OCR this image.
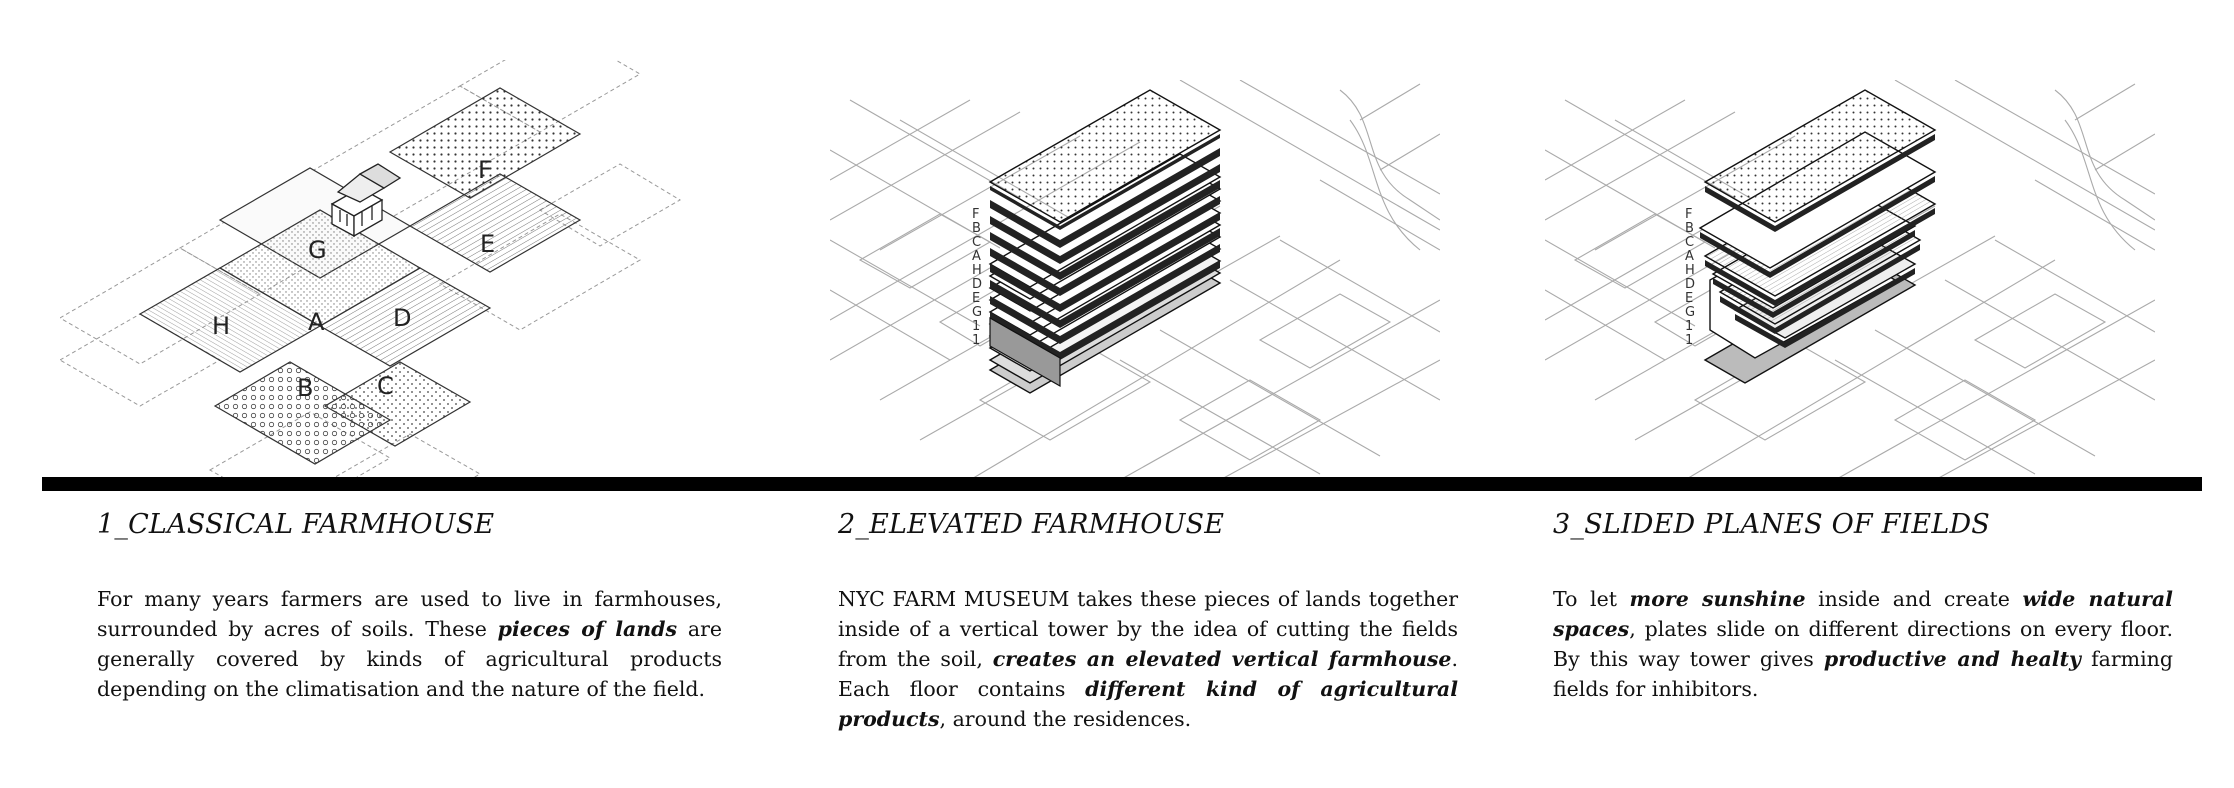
F
G	E
H	A	D
B	C
F
B
C
A
H
D
E
G
1
1
F
B
C
A
H
D
E
G
1
1
1_CLASSICAL FARMHOUSE

For many years farmers are used to live in farmhouses, surrounded by acres of soils. These pieces of lands are generally covered by kinds of agricultural products depending on the climatisation and the nature of the field.

2_ELEVATED FARMHOUSE

NYC FARM MUSEUM takes these pieces of lands together inside of a vertical tower by the idea of cutting the fields from the soil, creates an elevated vertical farmhouse. Each floor contains different kind of agricultural products, around the residences.

3_SLIDED PLANES OF FIELDS

To let more sunshine inside and create wide natural spaces, plates slide on different directions on every floor. By this way tower gives productive and healty farming fields for inhibitors.
